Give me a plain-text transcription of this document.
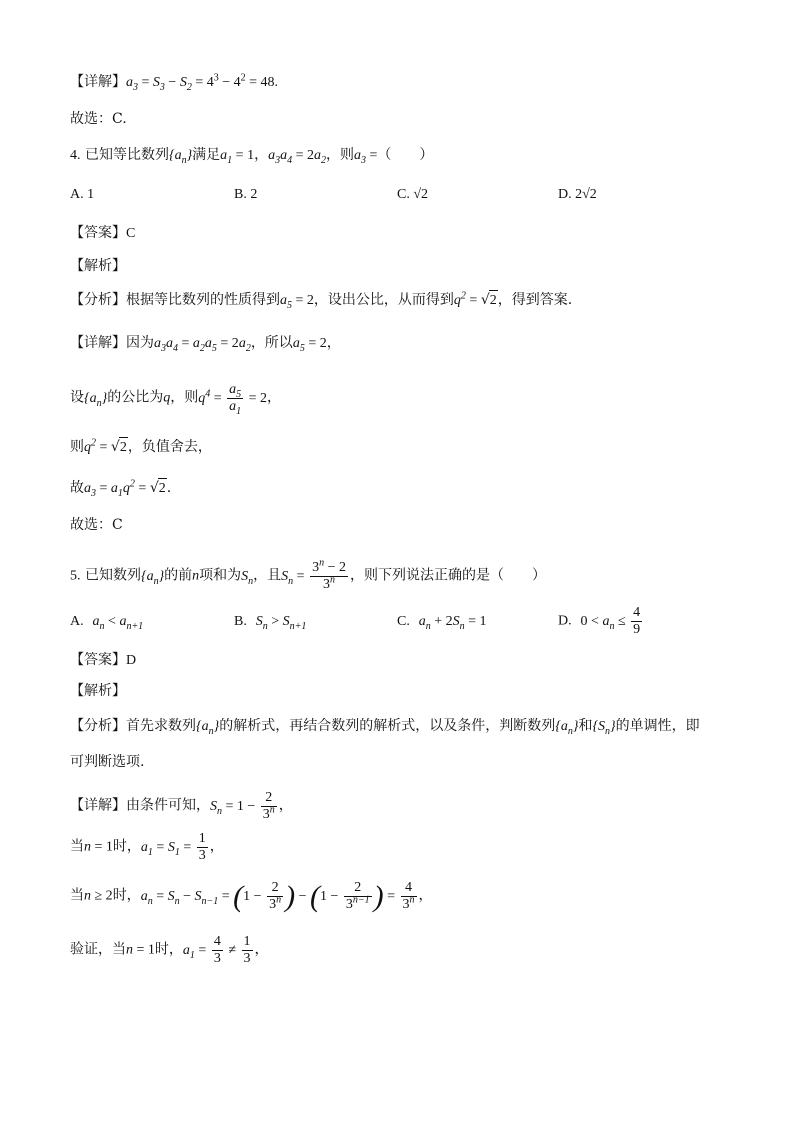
【详解】$a_3 = S_3 - S_2 = 4^3 - 4^2 = 48$.
故选：C.
4. 已知等比数列$\{a_n\}$满足$a_1 = 1$，$a_3a_4 = 2a_2$，则$a_3$ =（　　）
A. 1	B. 2	C. √2	D. 2√2
【答案】C
【解析】
【分析】根据等比数列的性质得到$a_5 = 2$，设出公比，从而得到$q^2 = √2$，得到答案.
【详解】因为$a_3a_4 = a_2a_5 = 2a_2$，所以$a_5 = 2$，
设$\{a_n\}$的公比为q，则$q^4 = \frac{a_5}{a_1} = 2$，
则$q^2 = √2$，负值舍去，
故$a_3 = a_1q^2 = √2$.
故选：C
5. 已知数列$\{a_n\}$的前n项和为$S_n$，且$S_n = \frac{3^n - 2}{3^n}$ ，则下列说法正确的是（　　）
A. $a_n < a_{n+1}$	B. $S_n > S_{n+1}$	C. $a_n + 2S_n = 1$	D. $0 < a_n \le \frac{4}{9}$
【答案】D
【解析】
【分析】首先求数列$\{a_n\}$的解析式，再结合数列的解析式，以及条件，判断数列$\{a_n\}$和$\{S_n\}$的单调性，即
可判断选项.
【详解】由条件可知，$S_n = 1 - \frac{2}{3^n}$ ，
当n = 1时，$a_1 = S_1 = \frac{1}{3}$ ，
当n ≥ 2时，$a_n = S_n - S_{n-1} = (1 - \frac{2}{3^n}$ ) − ($1 - \frac{2}{3^{n-1}}$ ) = $\frac{4}{3^n}$ ，
验证，当n = 1时，$a_1 = \frac{4}{3} \ne \frac{1}{3}$ ，
